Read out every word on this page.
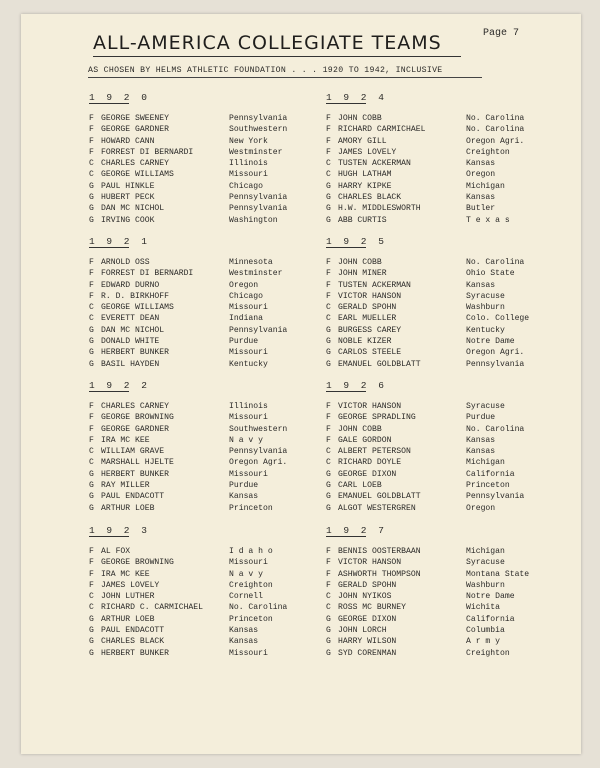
ALL-AMERICA COLLEGIATE TEAMS	Page 7
AS CHOSEN BY HELMS ATHLETIC FOUNDATION . . . 1920 TO 1942, INCLUSIVE
1 9 2 0
F GEORGE SWEENEY	Pennsylvania
F GEORGE GARDNER	Southwestern
F HOWARD CANN	New York
F FORREST DI BERNARDI	Westminster
C CHARLES CARNEY	Illinois
C GEORGE WILLIAMS	Missouri
G PAUL HINKLE	Chicago
G HUBERT PECK	Pennsylvania
G DAN MC NICHOL	Pennsylvania
G IRVING COOK	Washington
1 9 2 4
F JOHN COBB	No. Carolina
F RICHARD CARMICHAEL	No. Carolina
F AMORY GILL	Oregon Agri.
F JAMES LOVELY	Creighton
C TUSTEN ACKERMAN	Kansas
C HUGH LATHAM	Oregon
G HARRY KIPKE	Michigan
G CHARLES BLACK	Kansas
G H.W. MIDDLESWORTH	Butler
G ABB CURTIS	T e x a s
1 9 2 1
F ARNOLD OSS	Minnesota
F FORREST DI BERNARDI	Westminster
F EDWARD DURNO	Oregon
F R. D. BIRKHOFF	Chicago
C GEORGE WILLIAMS	Missouri
C EVERETT DEAN	Indiana
G DAN MC NICHOL	Pennsylvania
G DONALD WHITE	Purdue
G HERBERT BUNKER	Missouri
G BASIL HAYDEN	Kentucky
1 9 2 5
F JOHN COBB	No. Carolina
F JOHN MINER	Ohio State
F TUSTEN ACKERMAN	Kansas
F VICTOR HANSON	Syracuse
C GERALD SPOHN	Washburn
C EARL MUELLER	Colo. College
G BURGESS CAREY	Kentucky
G NOBLE KIZER	Notre Dame
G CARLOS STEELE	Oregon Agri.
G EMANUEL GOLDBLATT	Pennsylvania
1 9 2 2
F CHARLES CARNEY	Illinois
F GEORGE BROWNING	Missouri
F GEORGE GARDNER	Southwestern
F IRA MC KEE	N a v y
C WILLIAM GRAVE	Pennsylvania
C MARSHALL HJELTE	Oregon Agri.
G HERBERT BUNKER	Missouri
G RAY MILLER	Purdue
G PAUL ENDACOTT	Kansas
G ARTHUR LOEB	Princeton
1 9 2 6
F VICTOR HANSON	Syracuse
F GEORGE SPRADLING	Purdue
F JOHN COBB	No. Carolina
F GALE GORDON	Kansas
C ALBERT PETERSON	Kansas
C RICHARD DOYLE	Michigan
G GEORGE DIXON	California
G CARL LOEB	Princeton
G EMANUEL GOLDBLATT	Pennsylvania
G ALGOT WESTERGREN	Oregon
1 9 2 3
F AL FOX	I d a h o
F GEORGE BROWNING	Missouri
F IRA MC KEE	N a v y
F JAMES LOVELY	Creighton
C JOHN LUTHER	Cornell
C RICHARD C. CARMICHAEL	No. Carolina
G ARTHUR LOEB	Princeton
G PAUL ENDACOTT	Kansas
G CHARLES BLACK	Kansas
G HERBERT BUNKER	Missouri
1 9 2 7
F BENNIS OOSTERBAAN	Michigan
F VICTOR HANSON	Syracuse
F ASHWORTH THOMPSON	Montana State
F GERALD SPOHN	Washburn
C JOHN NYIKOS	Notre Dame
C ROSS MC BURNEY	Wichita
G GEORGE DIXON	California
G JOHN LORCH	Columbia
G HARRY WILSON	A r m y
G SYD CORENMAN	Creighton
